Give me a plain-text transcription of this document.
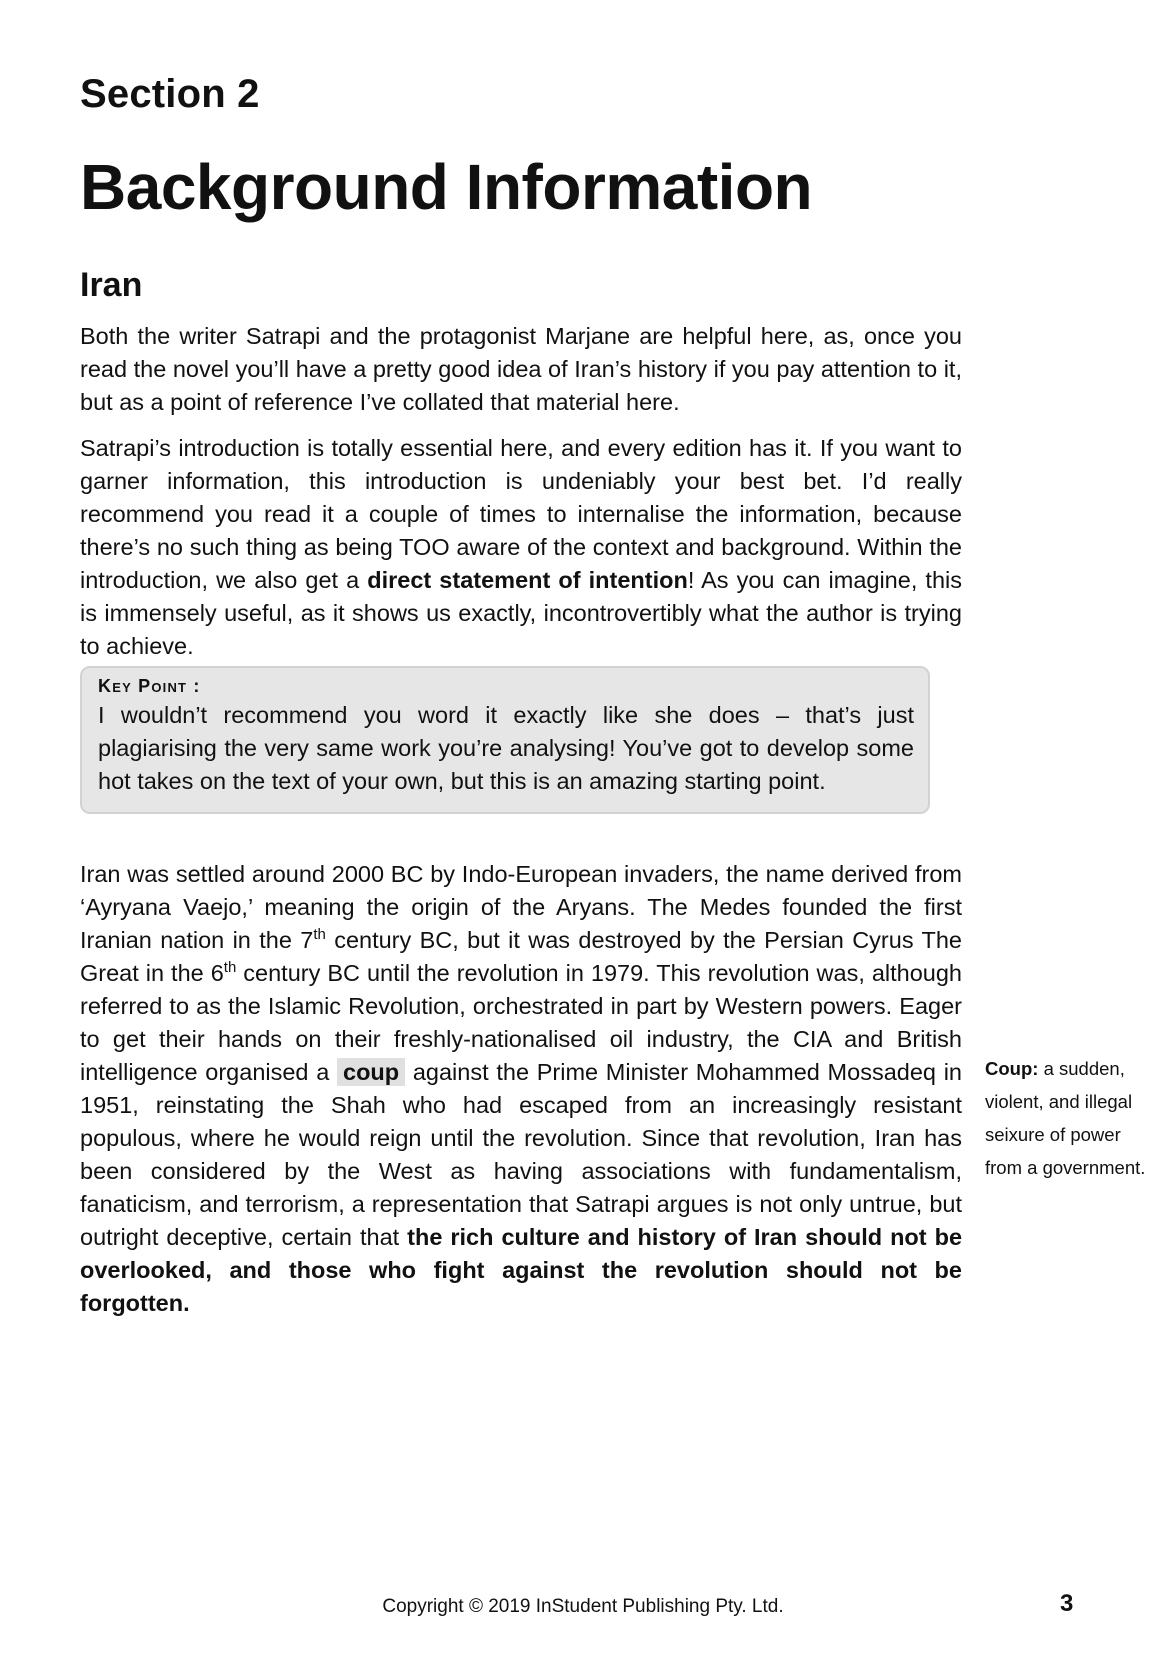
Section 2
Background Information
Iran

Both the writer Satrapi and the protagonist Marjane are helpful here, as, once you read the novel you’ll have a pretty good idea of Iran’s history if you pay attention to it, but as a point of reference I’ve collated that material here.

Satrapi’s introduction is totally essential here, and every edition has it. If you want to garner information, this introduction is undeniably your best bet. I’d really recommend you read it a couple of times to internalise the information, because there’s no such thing as being TOO aware of the context and background. Within the introduction, we also get a direct statement of intention! As you can imagine, this is immensely useful, as it shows us exactly, incontrovertibly what the author is trying to achieve.

Key Point :
I wouldn’t recommend you word it exactly like she does – that’s just plagiarising the very same work you’re analysing! You’ve got to develop some hot takes on the text of your own, but this is an amazing starting point.

Iran was settled around 2000 BC by Indo-European invaders, the name derived from ‘Ayryana Vaejo,’ meaning the origin of the Aryans. The Medes founded the first Iranian nation in the 7th century BC, but it was destroyed by the Persian Cyrus The Great in the 6th century BC until the revolution in 1979. This revolution was, although referred to as the Islamic Revolution, orchestrated in part by Western powers. Eager to get their hands on their freshly-nationalised oil industry, the CIA and British intelligence organised a coup against the Prime Minister Mohammed Mossadeq in 1951, reinstating the Shah who had escaped from an increasingly resistant populous, where he would reign until the revolution. Since that revolution, Iran has been considered by the West as having associations with fundamentalism, fanaticism, and terrorism, a representation that Satrapi argues is not only untrue, but outright deceptive, certain that the rich culture and history of Iran should not be overlooked, and those who fight against the revolution should not be forgotten.

Coup: a sudden, violent, and illegal seixure of power from a government.
Copyright © 2019 InStudent Publishing Pty. Ltd.	3
